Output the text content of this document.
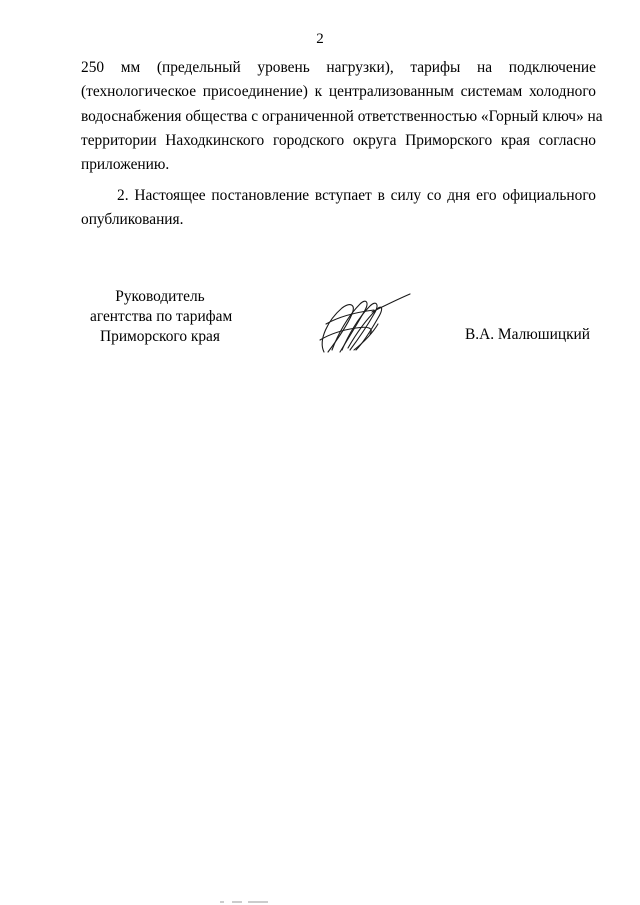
2

250 мм (предельный уровень нагрузки), тарифы на подключение
(технологическое присоединение) к централизованным системам холодного
водоснабжения общества с ограниченной ответственностью «Горный ключ» на
территории Находкинского городского округа Приморского края согласно
приложению.

2. Настоящее постановление вступает в силу со дня его официального
опубликования.

Руководитель
агентства по тарифам
Приморского края	В.А. Малюшицкий
